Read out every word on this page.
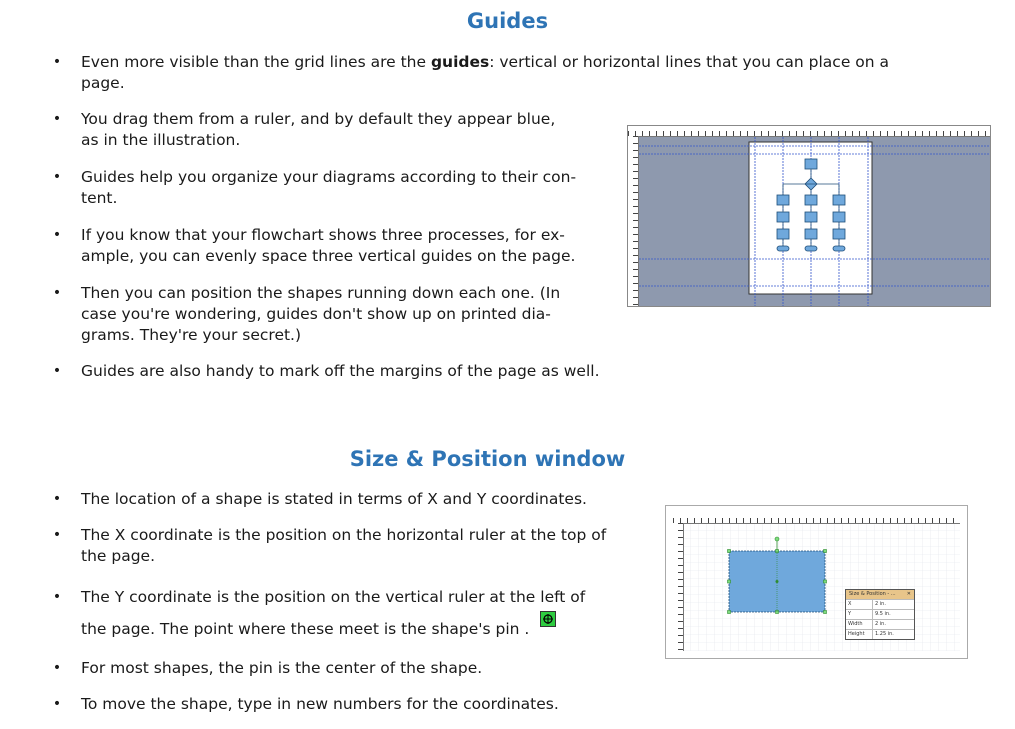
Guides
• Even more visible than the grid lines are the guides: vertical or horizontal lines that you can place on a
page.
• You drag them from a ruler, and by default they appear blue,
as in the illustration.
• Guides help you organize your diagrams according to their con-
tent.
• If you know that your flowchart shows three processes, for ex-
ample, you can evenly space three vertical guides on the page.
• Then you can position the shapes running down each one. (In
case you're wondering, guides don't show up on printed dia-
grams. They're your secret.)
• Guides are also handy to mark off the margins of the page as well.
Size & Position window
• The location of a shape is stated in terms of X and Y coordinates.
• The X coordinate is the position on the horizontal ruler at the top of
the page.
• The Y coordinate is the position on the vertical ruler at the left of
the page. The point where these meet is the shape's pin .
• For most shapes, the pin is the center of the shape.
• To move the shape, type in new numbers for the coordinates.
Size & Position - ... ✕
X	2 in.
Y	9.5 in.
Width	2 in.
Height	1.25 in.
